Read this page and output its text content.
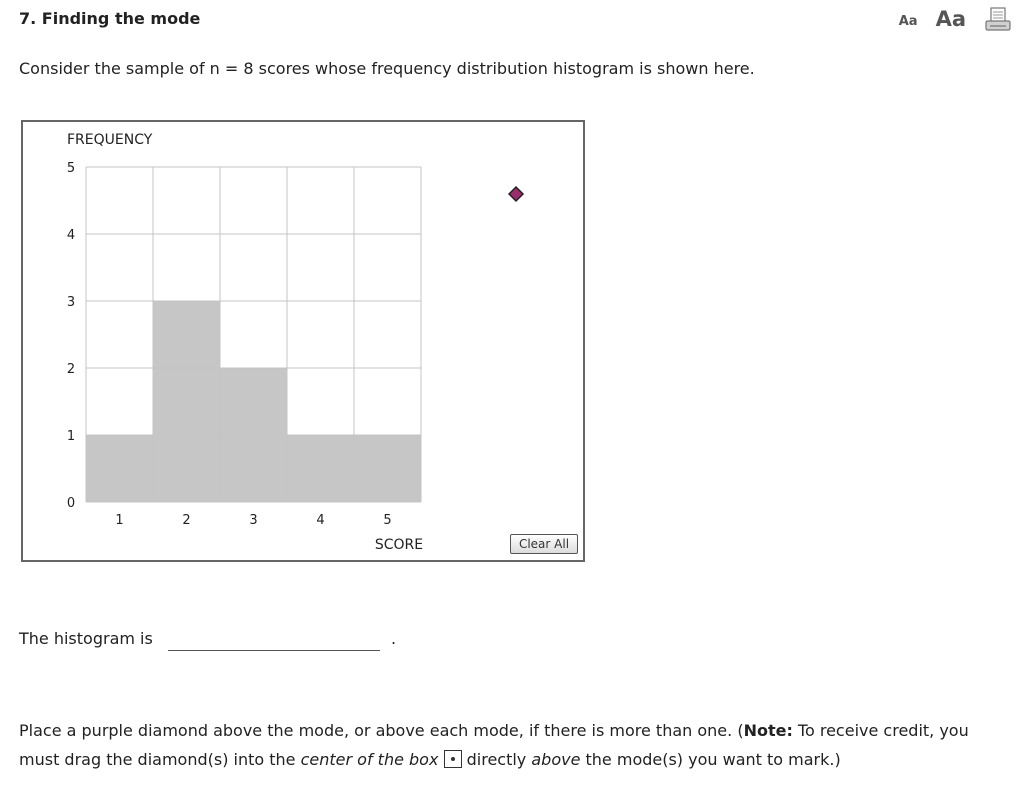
7. Finding the mode	Aa Aa
Consider the sample of n = 8 scores whose frequency distribution histogram is shown here.
0
1
2
3
4
5
1	2	3	4	5
FREQUENCY
SCORE	Clear All
The histogram is	.
Place a purple diamond above the mode, or above each mode, if there is more than one. (Note: To receive credit, you must drag the diamond(s) into the center of the box
directly above the mode(s) you want to mark.)
